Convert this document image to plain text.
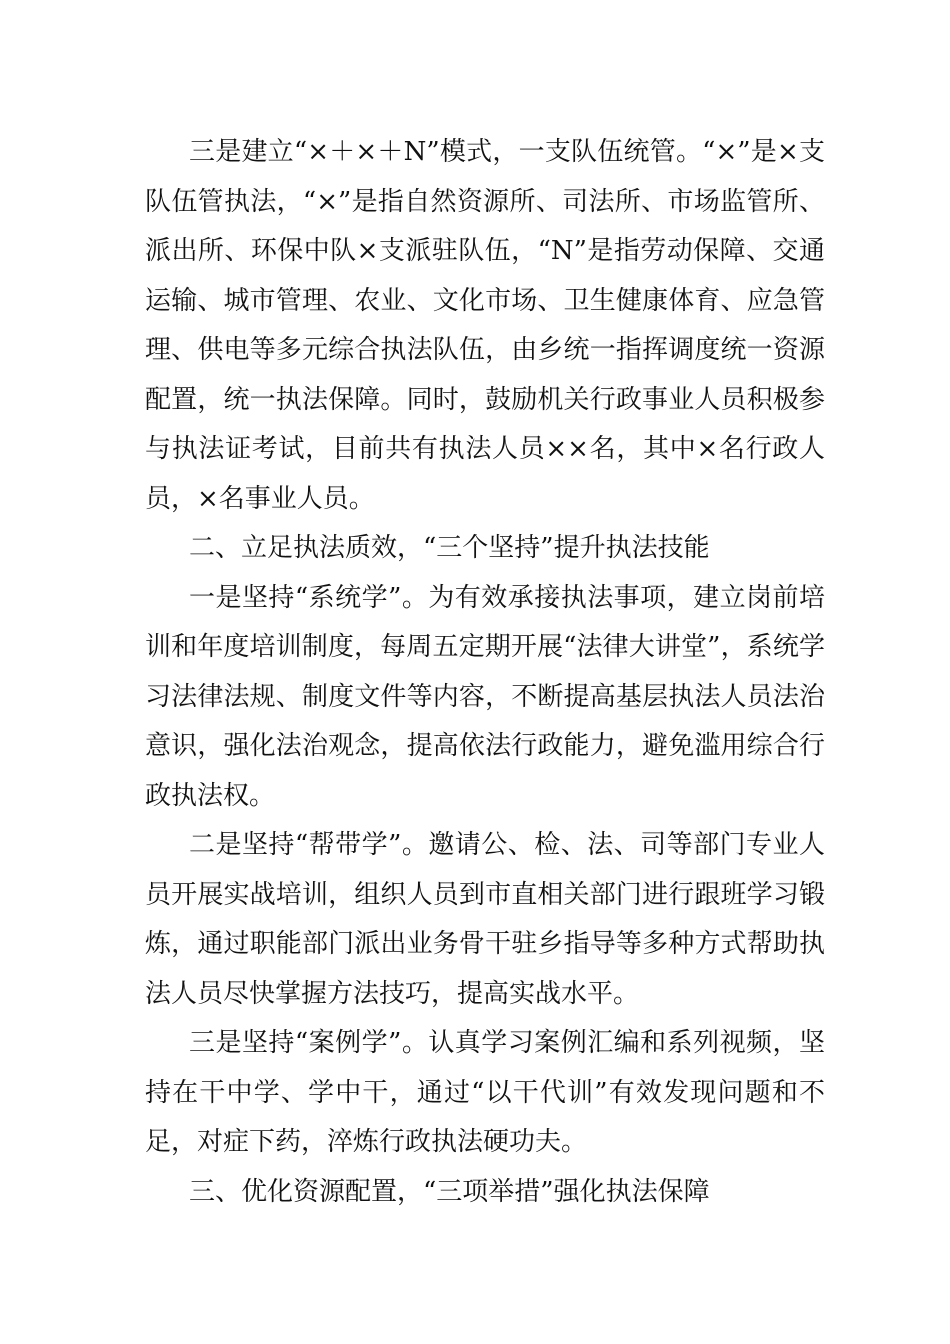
三是建立“×＋×＋N”模式，一支队伍统管。“×”是×支队伍管执法，“×”是指自然资源所、司法所、市场监管所、派出所、环保中队×支派驻队伍，“N”是指劳动保障、交通运输、城市管理、农业、文化市场、卫生健康体育、应急管理、供电等多元综合执法队伍，由乡统一指挥调度统一资源配置，统一执法保障。同时，鼓励机关行政事业人员积极参与执法证考试，目前共有执法人员××名，其中×名行政人员，×名事业人员。

二、立足执法质效，“三个坚持”提升执法技能

一是坚持“系统学”。为有效承接执法事项，建立岗前培训和年度培训制度，每周五定期开展“法律大讲堂”，系统学习法律法规、制度文件等内容，不断提高基层执法人员法治意识，强化法治观念，提高依法行政能力，避免滥用综合行政执法权。

二是坚持“帮带学”。邀请公、检、法、司等部门专业人员开展实战培训，组织人员到市直相关部门进行跟班学习锻炼，通过职能部门派出业务骨干驻乡指导等多种方式帮助执法人员尽快掌握方法技巧，提高实战水平。

三是坚持“案例学”。认真学习案例汇编和系列视频，坚持在干中学、学中干，通过“以干代训”有效发现问题和不足，对症下药，淬炼行政执法硬功夫。

三、优化资源配置，“三项举措”强化执法保障
